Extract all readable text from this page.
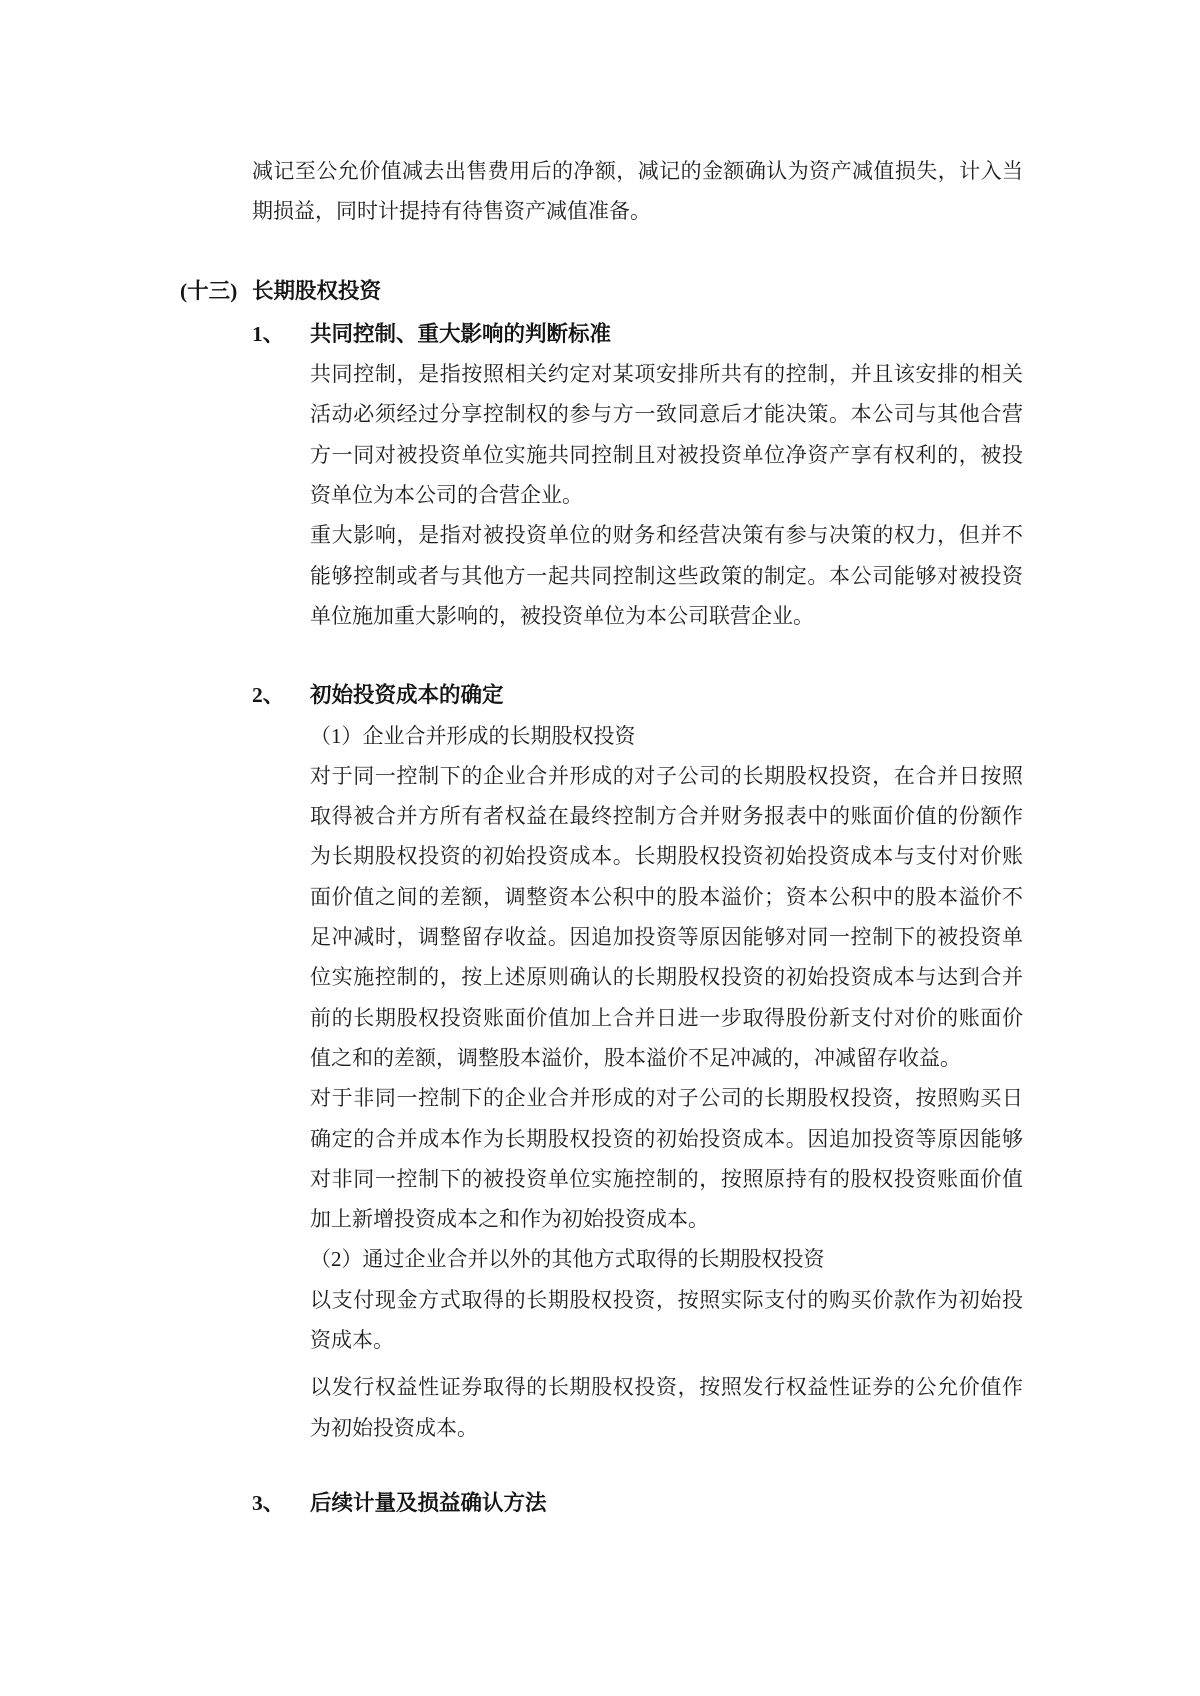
减记至公允价值减去出售费用后的净额，减记的金额确认为资产减值损失，计入当期损益，同时计提持有待售资产减值准备。

(十三) 长期股权投资
1、	共同控制、重大影响的判断标准

共同控制，是指按照相关约定对某项安排所共有的控制，并且该安排的相关活动必须经过分享控制权的参与方一致同意后才能决策。本公司与其他合营方一同对被投资单位实施共同控制且对被投资单位净资产享有权利的，被投资单位为本公司的合营企业。

重大影响，是指对被投资单位的财务和经营决策有参与决策的权力，但并不能够控制或者与其他方一起共同控制这些政策的制定。本公司能够对被投资单位施加重大影响的，被投资单位为本公司联营企业。

2、	初始投资成本的确定

（1）企业合并形成的长期股权投资

对于同一控制下的企业合并形成的对子公司的长期股权投资，在合并日按照取得被合并方所有者权益在最终控制方合并财务报表中的账面价值的份额作为长期股权投资的初始投资成本。长期股权投资初始投资成本与支付对价账面价值之间的差额，调整资本公积中的股本溢价；资本公积中的股本溢价不足冲减时，调整留存收益。因追加投资等原因能够对同一控制下的被投资单位实施控制的，按上述原则确认的长期股权投资的初始投资成本与达到合并前的长期股权投资账面价值加上合并日进一步取得股份新支付对价的账面价值之和的差额，调整股本溢价，股本溢价不足冲减的，冲减留存收益。

对于非同一控制下的企业合并形成的对子公司的长期股权投资，按照购买日确定的合并成本作为长期股权投资的初始投资成本。因追加投资等原因能够对非同一控制下的被投资单位实施控制的，按照原持有的股权投资账面价值加上新增投资成本之和作为初始投资成本。

（2）通过企业合并以外的其他方式取得的长期股权投资

以支付现金方式取得的长期股权投资，按照实际支付的购买价款作为初始投资成本。

以发行权益性证券取得的长期股权投资，按照发行权益性证券的公允价值作为初始投资成本。

3、	后续计量及损益确认方法
